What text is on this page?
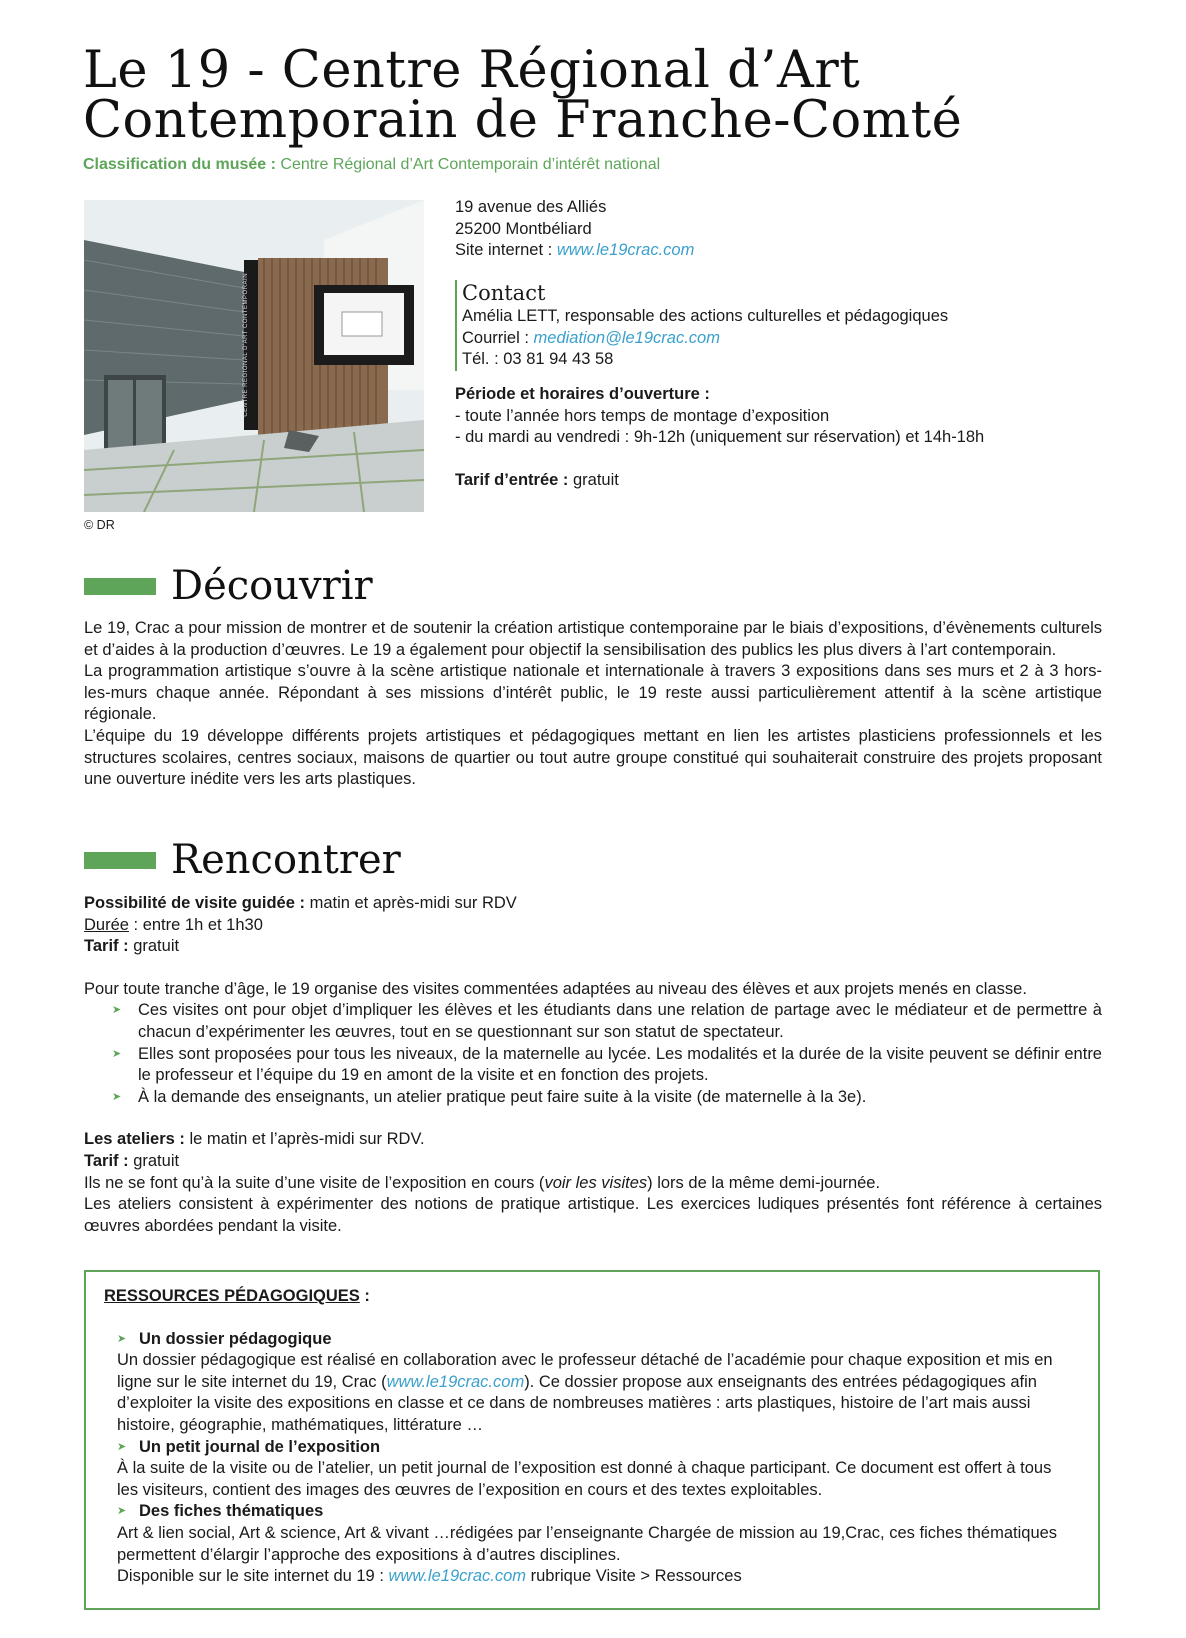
Le 19 - Centre Régional d’Art
Contemporain de Franche-Comté
Classification du musée : Centre Régional d’Art Contemporain d’intérêt national
CENTRE REGIONAL D'ART CONTEMPORAIN
© DR

19 avenue des Alliés

25200 Montbéliard

Site internet : www.le19crac.com

Contact

Amélia LETT, responsable des actions culturelles et pédagogiques

Courriel : mediation@le19crac.com

Tél. : 03 81 94 43 58

Période et horaires d’ouverture :

- toute l’année hors temps de montage d’exposition

- du mardi au vendredi : 9h-12h (uniquement sur réservation) et 14h-18h

Tarif d’entrée : gratuit

Découvrir

Le 19, Crac a pour mission de montrer et de soutenir la création artistique contemporaine par le biais d’expositions, d’évènements culturels et d’aides à la production d’œuvres. Le 19 a également pour objectif la sensibilisation des publics les plus divers à l’art contemporain.

La programmation artistique s’ouvre à la scène artistique nationale et internationale à travers 3 expositions dans ses murs et 2 à 3 hors-les-murs chaque année. Répondant à ses missions d’intérêt public, le 19 reste aussi particulièrement attentif à la scène artistique régionale.

L’équipe du 19 développe différents projets artistiques et pédagogiques mettant en lien les artistes plasticiens professionnels et les structures scolaires, centres sociaux, maisons de quartier ou tout autre groupe constitué qui souhaiterait construire des projets proposant une ouverture inédite vers les arts plastiques.

Rencontrer

Possibilité de visite guidée : matin et après-midi sur RDV

Durée : entre 1h et 1h30

Tarif : gratuit

Pour toute tranche d’âge, le 19 organise des visites commentées adaptées au niveau des élèves et aux projets menés en classe.

➤	Ces visites ont pour objet d’impliquer les élèves et les étudiants dans une relation de partage avec le médiateur et de permettre à chacun d’expérimenter les œuvres, tout en se questionnant sur son statut de spectateur.
➤	Elles sont proposées pour tous les niveaux, de la maternelle au lycée. Les modalités et la durée de la visite peuvent se définir entre le professeur et l’équipe du 19 en amont de la visite et en fonction des projets.
➤	À la demande des enseignants, un atelier pratique peut faire suite à la visite (de maternelle à la 3e).

Les ateliers : le matin et l’après-midi sur RDV.

Tarif : gratuit

Ils ne se font qu’à la suite d’une visite de l’exposition en cours (voir les visites) lors de la même demi-journée.

Les ateliers consistent à expérimenter des notions de pratique artistique. Les exercices ludiques présentés font référence à certaines œuvres abordées pendant la visite.

RESSOURCES PÉDAGOGIQUES :

➤ Un dossier pédagogique

Un dossier pédagogique est réalisé en collaboration avec le professeur détaché de l’académie pour chaque exposition et mis en ligne sur le site internet du 19, Crac (www.le19crac.com). Ce dossier propose aux enseignants des entrées pédagogiques afin d’exploiter la visite des expositions en classe et ce dans de nombreuses matières : arts plastiques, histoire de l’art mais aussi histoire, géographie, mathématiques, littérature …

➤ Un petit journal de l’exposition

À la suite de la visite ou de l’atelier, un petit journal de l’exposition est donné à chaque participant. Ce document est offert à tous les visiteurs, contient des images des œuvres de l’exposition en cours et des textes exploitables.

➤ Des fiches thématiques

Art & lien social, Art & science, Art & vivant …rédigées par l’enseignante Chargée de mission au 19,Crac, ces fiches thématiques permettent d’élargir l’approche des expositions à d’autres disciplines.

Disponible sur le site internet du 19 : www.le19crac.com rubrique Visite > Ressources
